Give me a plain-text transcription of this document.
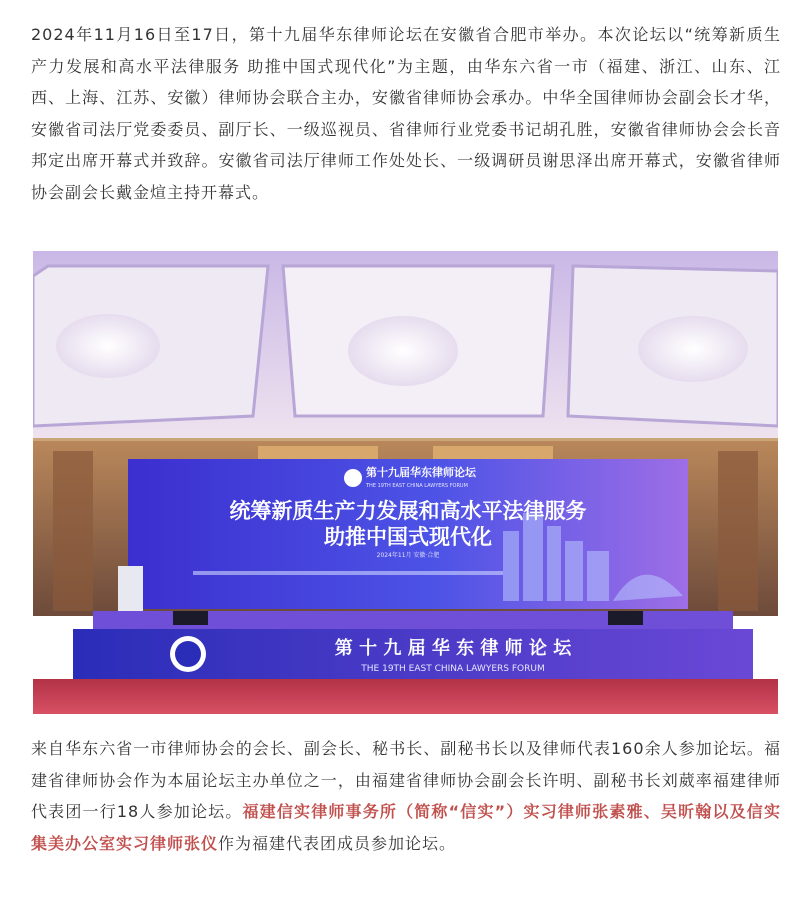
2024年11月16日至17日，第十九届华东律师论坛在安徽省合肥市举办。本次论坛以“统筹新质生产力发展和高水平法律服务 助推中国式现代化”为主题，由华东六省一市（福建、浙江、山东、江西、上海、江苏、安徽）律师协会联合主办，安徽省律师协会承办。中华全国律师协会副会长才华，安徽省司法厅党委委员、副厅长、一级巡视员、省律师行业党委书记胡孔胜，安徽省律师协会会长音邦定出席开幕式并致辞。安徽省司法厅律师工作处处长、一级调研员谢思泽出席开幕式，安徽省律师协会副会长戴金煊主持开幕式。

第十九届华东律师论坛
THE 19TH EAST CHINA LAWYERS FORUM
统筹新质生产力发展和高水平法律服务
助推中国式现代化
2024年11月 安徽·合肥
第 十 九 届 华 东 律 师 论 坛
THE 19TH EAST CHINA LAWYERS FORUM

来自华东六省一市律师协会的会长、副会长、秘书长、副秘书长以及律师代表160余人参加论坛。福建省律师协会作为本届论坛主办单位之一，由福建省律师协会副会长许明、副秘书长刘葳率福建律师代表团一行18人参加论坛。福建信实律师事务所（简称“信实”）实习律师张素雅、吴昕翰以及信实集美办公室实习律师张仪作为福建代表团成员参加论坛。
